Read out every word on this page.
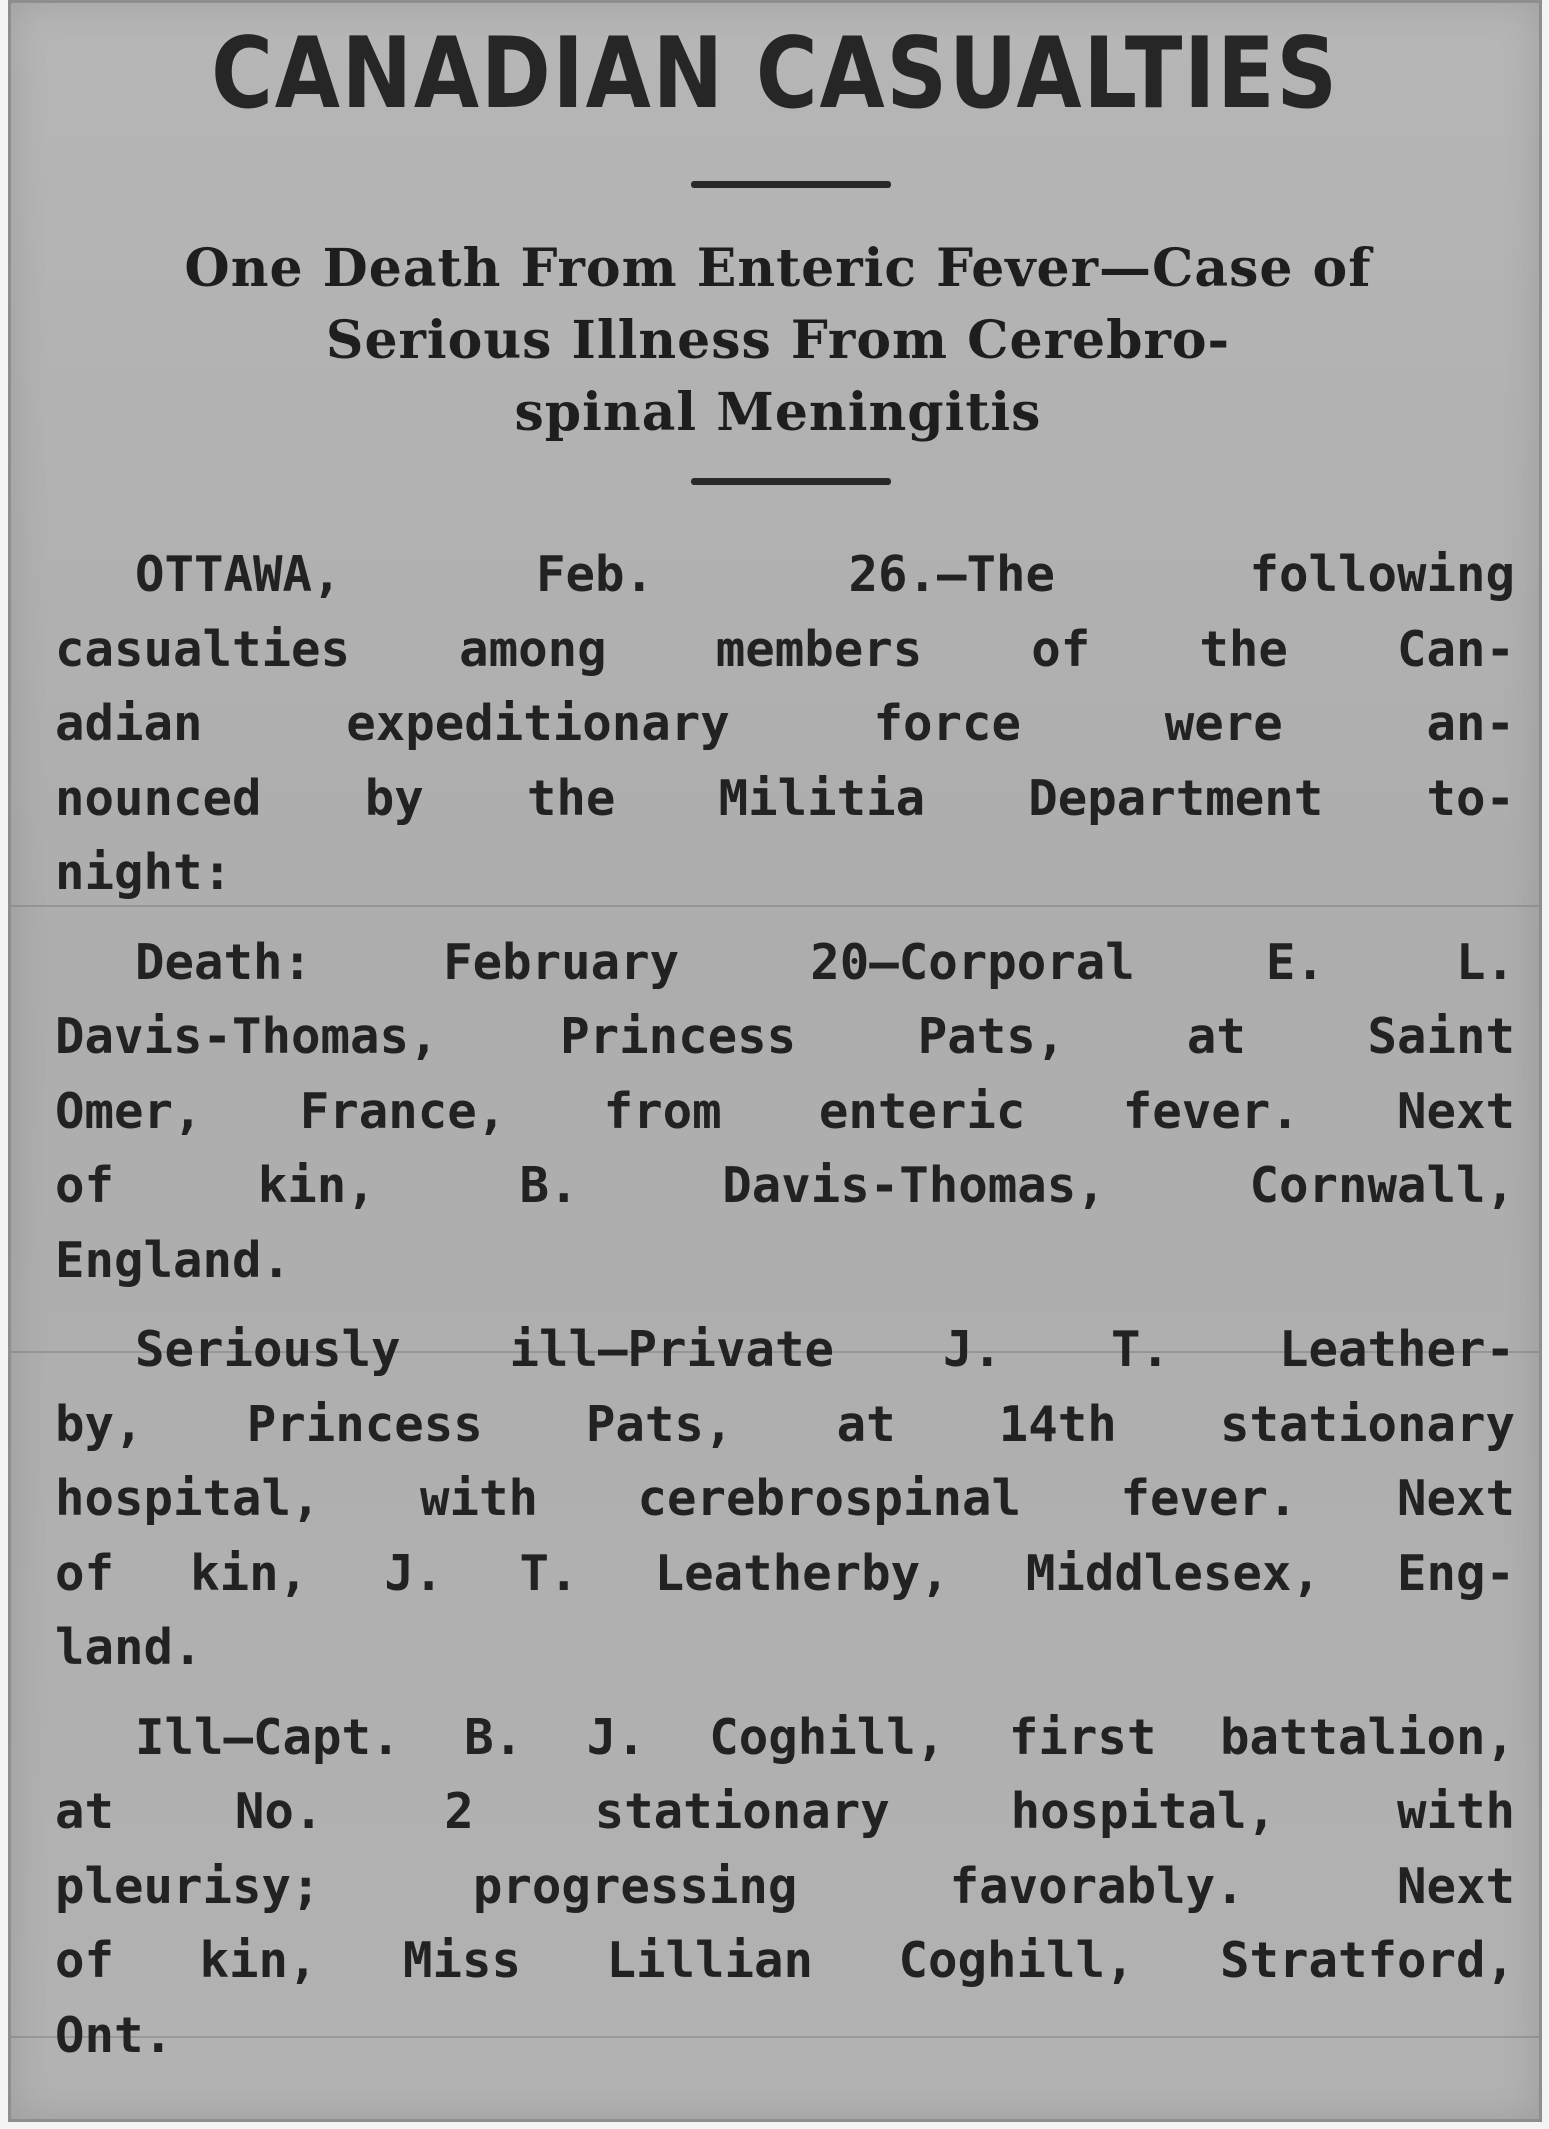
CANADIAN CASUALTIES
One Death From Enteric Fever—Case of
Serious Illness From Cerebro-
spinal Meningitis
OTTAWA, Feb. 26.—The following
casualties among members of the Can-
adian expeditionary force were an-
nounced by the Militia Department to-
night:
Death: February 20—Corporal E. L.
Davis-Thomas, Princess Pats, at Saint
Omer, France, from enteric fever. Next
of kin, B. Davis-Thomas, Cornwall,
England.
Seriously ill—Private J. T. Leather-
by, Princess Pats, at 14th stationary
hospital, with cerebrospinal fever. Next
of kin, J. T. Leatherby, Middlesex, Eng-
land.
Ill—Capt. B. J. Coghill, first battalion,
at No. 2 stationary hospital, with
pleurisy; progressing favorably. Next
of kin, Miss Lillian Coghill, Stratford,
Ont.
